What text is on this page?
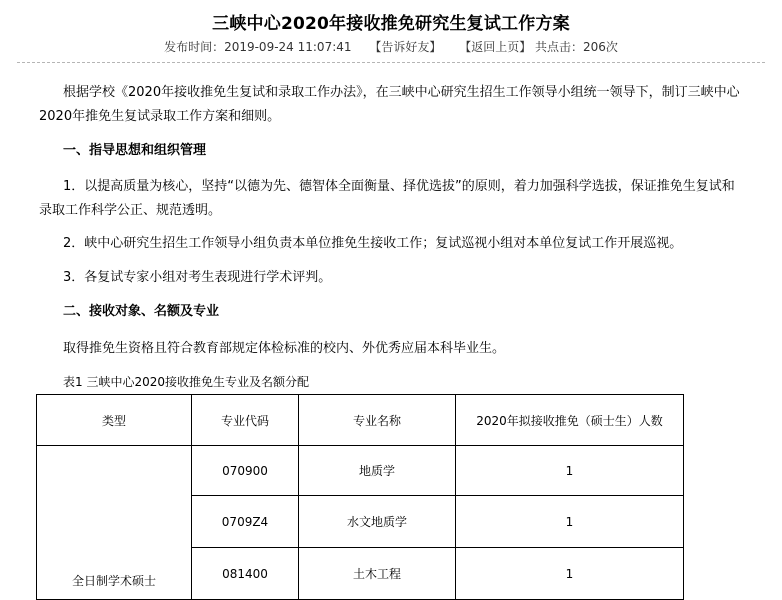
三峡中心2020年接收推免研究生复试工作方案
发布时间：2019-09-24 11:07:41 【告诉好友】 【返回上页】 共点击：206次
根据学校《2020年接收推免生复试和录取工作办法》，在三峡中心研究生招生工作领导小组统一领导下，制订三峡中心2020年推免生复试录取工作方案和细则。
一、指导思想和组织管理
1．以提高质量为核心，坚持“以德为先、德智体全面衡量、择优选拔”的原则，着力加强科学选拔，保证推免生复试和录取工作科学公正、规范透明。
2．峡中心研究生招生工作领导小组负责本单位推免生接收工作；复试巡视小组对本单位复试工作开展巡视。
3．各复试专家小组对考生表现进行学术评判。
二、接收对象、名额及专业
取得推免生资格且符合教育部规定体检标准的校内、外优秀应届本科毕业生。
表1 三峡中心2020接收推免生专业及名额分配
类型	专业代码	专业名称	2020年拟接收推免（硕士生）人数
全日制学术硕士	070900	地质学	1
	0709Z4	水文地质学	1
	081400	土木工程	1
